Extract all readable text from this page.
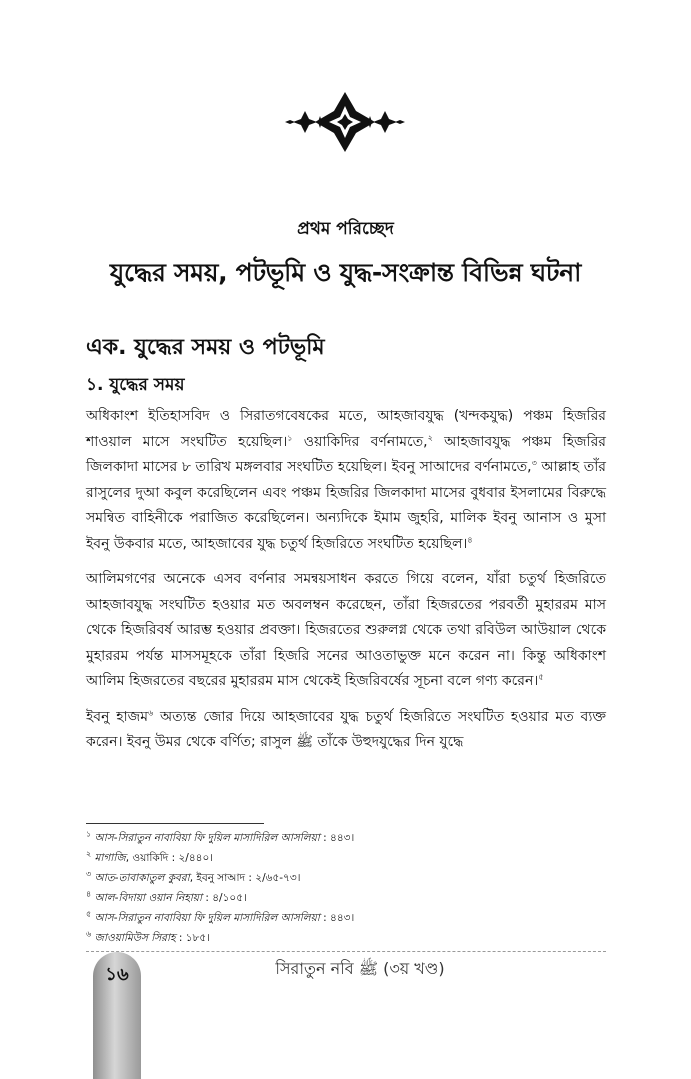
প্রথম পরিচ্ছেদ
যুদ্ধের সময়, পটভূমি ও যুদ্ধ-সংক্রান্ত বিভিন্ন ঘটনা
এক. যুদ্ধের সময় ও পটভূমি
১. যুদ্ধের সময়

অধিকাংশ ইতিহাসবিদ ও সিরাতগবেষকের মতে, আহজাবযুদ্ধ (খন্দকযুদ্ধ) পঞ্চম হিজরির শাওয়াল মাসে সংঘটিত হয়েছিল।$^১$ ওয়াকিদির বর্ণনামতে,$^২$ আহজাবযুদ্ধ পঞ্চম হিজরির জিলকাদা মাসের ৮ তারিখ মঙ্গলবার সংঘটিত হয়েছিল। ইবনু সাআদের বর্ণনামতে,$^৩$ আল্লাহ তাঁর রাসুলের দুআ কবুল করেছিলেন এবং পঞ্চম হিজরির জিলকাদা মাসের বুধবার ইসলামের বিরুদ্ধে সমন্বিত বাহিনীকে পরাজিত করেছিলেন। অন্যদিকে ইমাম জুহরি, মালিক ইবনু আনাস ও মুসা ইবনু উকবার মতে, আহজাবের যুদ্ধ চতুর্থ হিজরিতে সংঘটিত হয়েছিল।$^৪$

আলিমগণের অনেকে এসব বর্ণনার সমন্বয়সাধন করতে গিয়ে বলেন, যাঁরা চতুর্থ হিজরিতে আহজাবযুদ্ধ সংঘটিত হওয়ার মত অবলম্বন করেছেন, তাঁরা হিজরতের পরবর্তী মুহাররম মাস থেকে হিজরিবর্ষ আরম্ভ হওয়ার প্রবক্তা। হিজরতের শুরুলগ্ন থেকে তথা রবিউল আউয়াল থেকে মুহাররম পর্যন্ত মাসসমূহকে তাঁরা হিজরি সনের আওতাভুক্ত মনে করেন না। কিন্তু অধিকাংশ আলিম হিজরতের বছরের মুহাররম মাস থেকেই হিজরিবর্ষের সূচনা বলে গণ্য করেন।$^৫$

ইবনু হাজম$^৬$ অত্যন্ত জোর দিয়ে আহজাবের যুদ্ধ চতুর্থ হিজরিতে সংঘটিত হওয়ার মত ব্যক্ত করেন। ইবনু উমর থেকে বর্ণিত; রাসুল ﷺ তাঁকে উহুদযুদ্ধের দিন যুদ্ধে

$^১$ আস-সিরাতুন নাবাবিয়া ফি দুয়িল মাসাদিরিল আসলিয়া : ৪৪৩।
$^২$ মাগাজি, ওয়াকিদি : ২/৪৪০।
$^৩$ আত-তাবাকাতুল কুবরা, ইবনু সাআদ : ২/৬৫-৭৩।
$^৪$ আল-বিদায়া ওয়ান নিহায়া : ৪/১০৫।
$^৫$ আস-সিরাতুন নাবাবিয়া ফি দুয়িল মাসাদিরিল আসলিয়া : ৪৪৩।
$^৬$ জাওয়ামিউস সিরাহ : ১৮৫।
১৬	সিরাতুন নবি ﷺ (৩য় খণ্ড)
